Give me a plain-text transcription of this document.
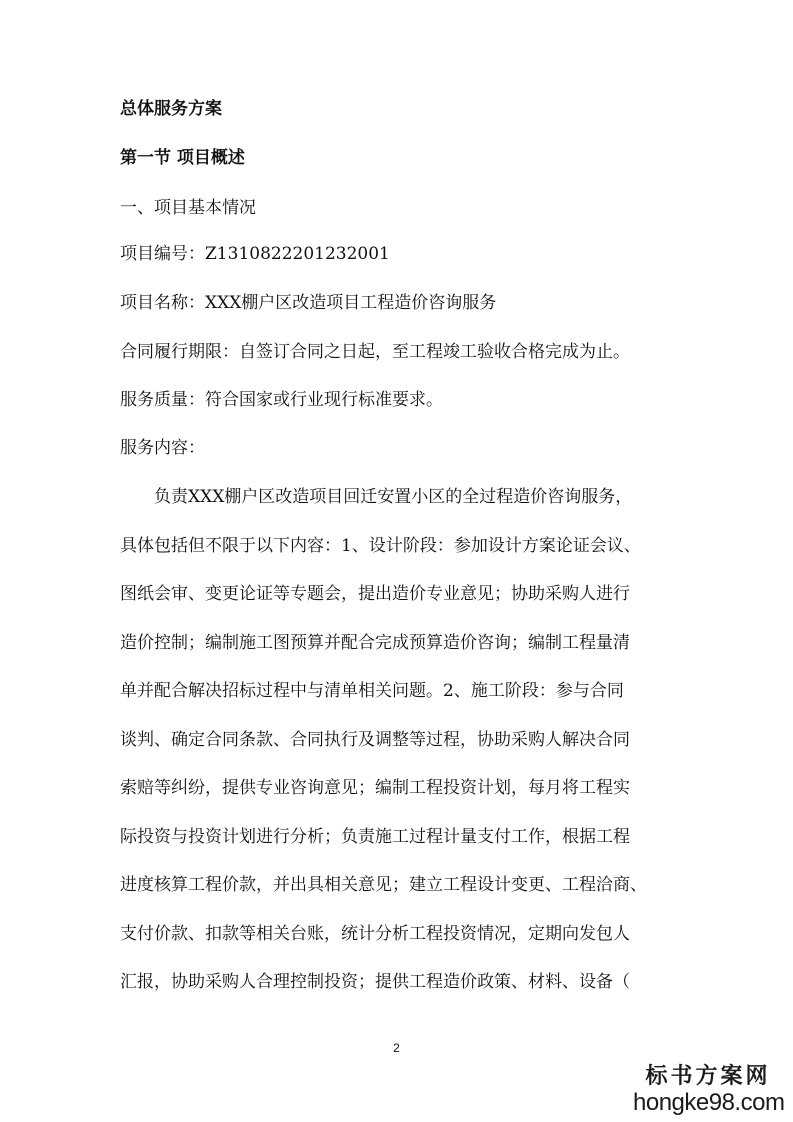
总体服务方案
第一节 项目概述
一、项目基本情况
项目编号：Z1310822201232001
项目名称：XXX棚户区改造项目工程造价咨询服务
合同履行期限：自签订合同之日起，至工程竣工验收合格完成为止。
服务质量：符合国家或行业现行标准要求。
服务内容：
负责XXX棚户区改造项目回迁安置小区的全过程造价咨询服务，
具体包括但不限于以下内容：1、设计阶段：参加设计方案论证会议、
图纸会审、变更论证等专题会，提出造价专业意见；协助采购人进行
造价控制；编制施工图预算并配合完成预算造价咨询；编制工程量清
单并配合解决招标过程中与清单相关问题。2、施工阶段：参与合同
谈判、确定合同条款、合同执行及调整等过程，协助采购人解决合同
索赔等纠纷，提供专业咨询意见；编制工程投资计划，每月将工程实
际投资与投资计划进行分析；负责施工过程计量支付工作，根据工程
进度核算工程价款，并出具相关意见；建立工程设计变更、工程洽商、
支付价款、扣款等相关台账，统计分析工程投资情况，定期向发包人
汇报，协助采购人合理控制投资；提供工程造价政策、材料、设备（
2
标书方案网
hongke98.com
